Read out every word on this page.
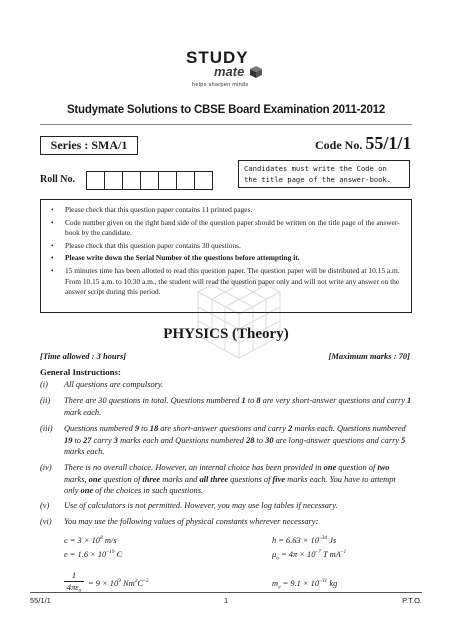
STUDY
mate
helps sharpen minds
Studymate Solutions to CBSE Board Examination 2011-2012
Series : SMA/1	Code No. 55/1/1
Roll No.
Candidates must write the Code on
the title page of the answer-book.
• Please check that this question paper contains 11 printed pages.
• Code number given on the right hand side of the question paper should be written on the title page of the answer-book by the candidate.
• Please check that this question paper contains 30 questions.
• Please write down the Serial Number of the questions before attempting it.
• 15 minutes time has been allotted to read this question paper. The question paper will be distributed at 10.15 a.m. From 10.15 a.m. to 10.30 a.m., the student will read the question paper only and will not write any answer on the answer script during this period.
PHYSICS (Theory)
[Time allowed : 3 hours]	[Maximum marks : 70]
General Instructions:
(i) All questions are compulsory.
(ii) There are 30 questions in total. Questions numbered 1 to 8 are very short-answer questions and carry 1 mark each.
(iii) Questions numbered 9 to 18 are short-answer questions and carry 2 marks each. Questions numbered 19 to 27 carry 3 marks each and Questions numbered 28 to 30 are long-answer questions and carry 5 marks each.
(iv) There is no overall choice. However, an internal choice has been provided in one question of two marks, one question of three marks and all three questions of five marks each. You have to attempt only one of the choices in such questions.
(v) Use of calculators is not permitted. However, you may use log tables if necessary.
(vi) You may use the following values of physical constants wherever necessary:
$c = 3 \times 10^8$ m/s	$h = 6.63 \times 10^{-34}$ Js
$e = 1.6 \times 10^{-19}$ C	$\mu_o = 4\pi \times 10^{-7}$ T $mA^{-1}$
1
$4\pi\varepsilon_0$
= $9 \times 10^9$ $Nm^2C^{-2}$	$m_e = 9.1 \times 10^{-31}$ kg
55/1/1	1	P.T.O.
